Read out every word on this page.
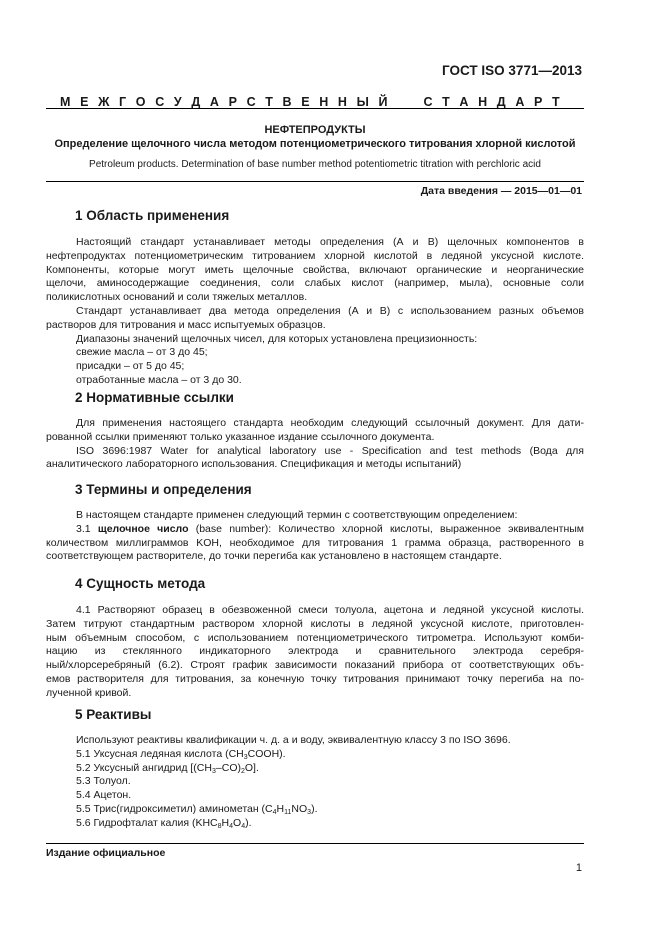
ГОСТ ISO 3771—2013
М Е Ж Г О С У Д А Р С Т В Е Н Н Ы Й

	С Т А Н Д А Р Т
НЕФТЕПРОДУКТЫ
Определение щелочного числа методом потенциометрического титрования хлорной кислотой
Petroleum products. Determination of base number method potentiometric titration with perchloric acid
Дата введения — 2015—01—01
1 Область применения
Настоящий стандарт устанавливает методы определения (А и В) щелочных компонентов в
нефтепродуктах потенциометрическим титрованием хлорной кислотой в ледяной уксусной кислоте.
Компоненты, которые могут иметь щелочные свойства, включают органические и неорганические
щелочи, аминосодержащие соединения, соли слабых кислот (например, мыла), основные соли
поликислотных оснований и соли тяжелых металлов.
Стандарт устанавливает два метода определения (А и В) с использованием разных объемов
растворов для титрования и масс испытуемых образцов.
Диапазоны значений щелочных чисел, для которых установлена прецизионность:
свежие масла – от 3 до 45;
присадки – от 5 до 45;
отработанные масла – от 3 до 30.
2 Нормативные ссылки
Для применения настоящего стандарта необходим следующий ссылочный документ. Для дати-
рованной ссылки применяют только указанное издание ссылочного документа.
ISO 3696:1987 Water for analytical laboratory use - Specification and test methods (Вода для
аналитического лабораторного использования. Спецификация и методы испытаний)
3 Термины и определения
В настоящем стандарте применен следующий термин с соответствующим определением:
3.1 щелочное число (base number): Количество хлорной кислоты, выраженное эквивалентным
количеством миллиграммов KOH, необходимое для титрования 1 грамма образца, растворенного в
соответствующем растворителе, до точки перегиба как установлено в настоящем стандарте.
4 Сущность метода
4.1 Растворяют образец в обезвоженной смеси толуола, ацетона и ледяной уксусной кислоты.
Затем титруют стандартным раствором хлорной кислоты в ледяной уксусной кислоте, приготовлен-
ным объемным способом, с использованием потенциометрического титрометра. Используют комби-
нацию из стеклянного индикаторного электрода и сравнительного электрода серебря-
ный/хлорсеребряный (6.2). Строят график зависимости показаний прибора от соответствующих объ-
емов растворителя для титрования, за конечную точку титрования принимают точку перегиба на по-
лученной кривой.
5 Реактивы
Используют реактивы квалификации ч. д. а и воду, эквивалентную классу 3 по ISO 3696.
5.1 Уксусная ледяная кислота $(CH_3COOH)$.
5.2 Уксусный ангидрид $[(CH_3-CO)_2O]$.
5.3 Толуол.
5.4 Ацетон.
5.5 Трис(гидроксиметил) аминометан $(C_4H_{11}NO_3)$.
5.6 Гидрофталат калия $(KHC_8H_4O_4)$.
Издание официальное
1
